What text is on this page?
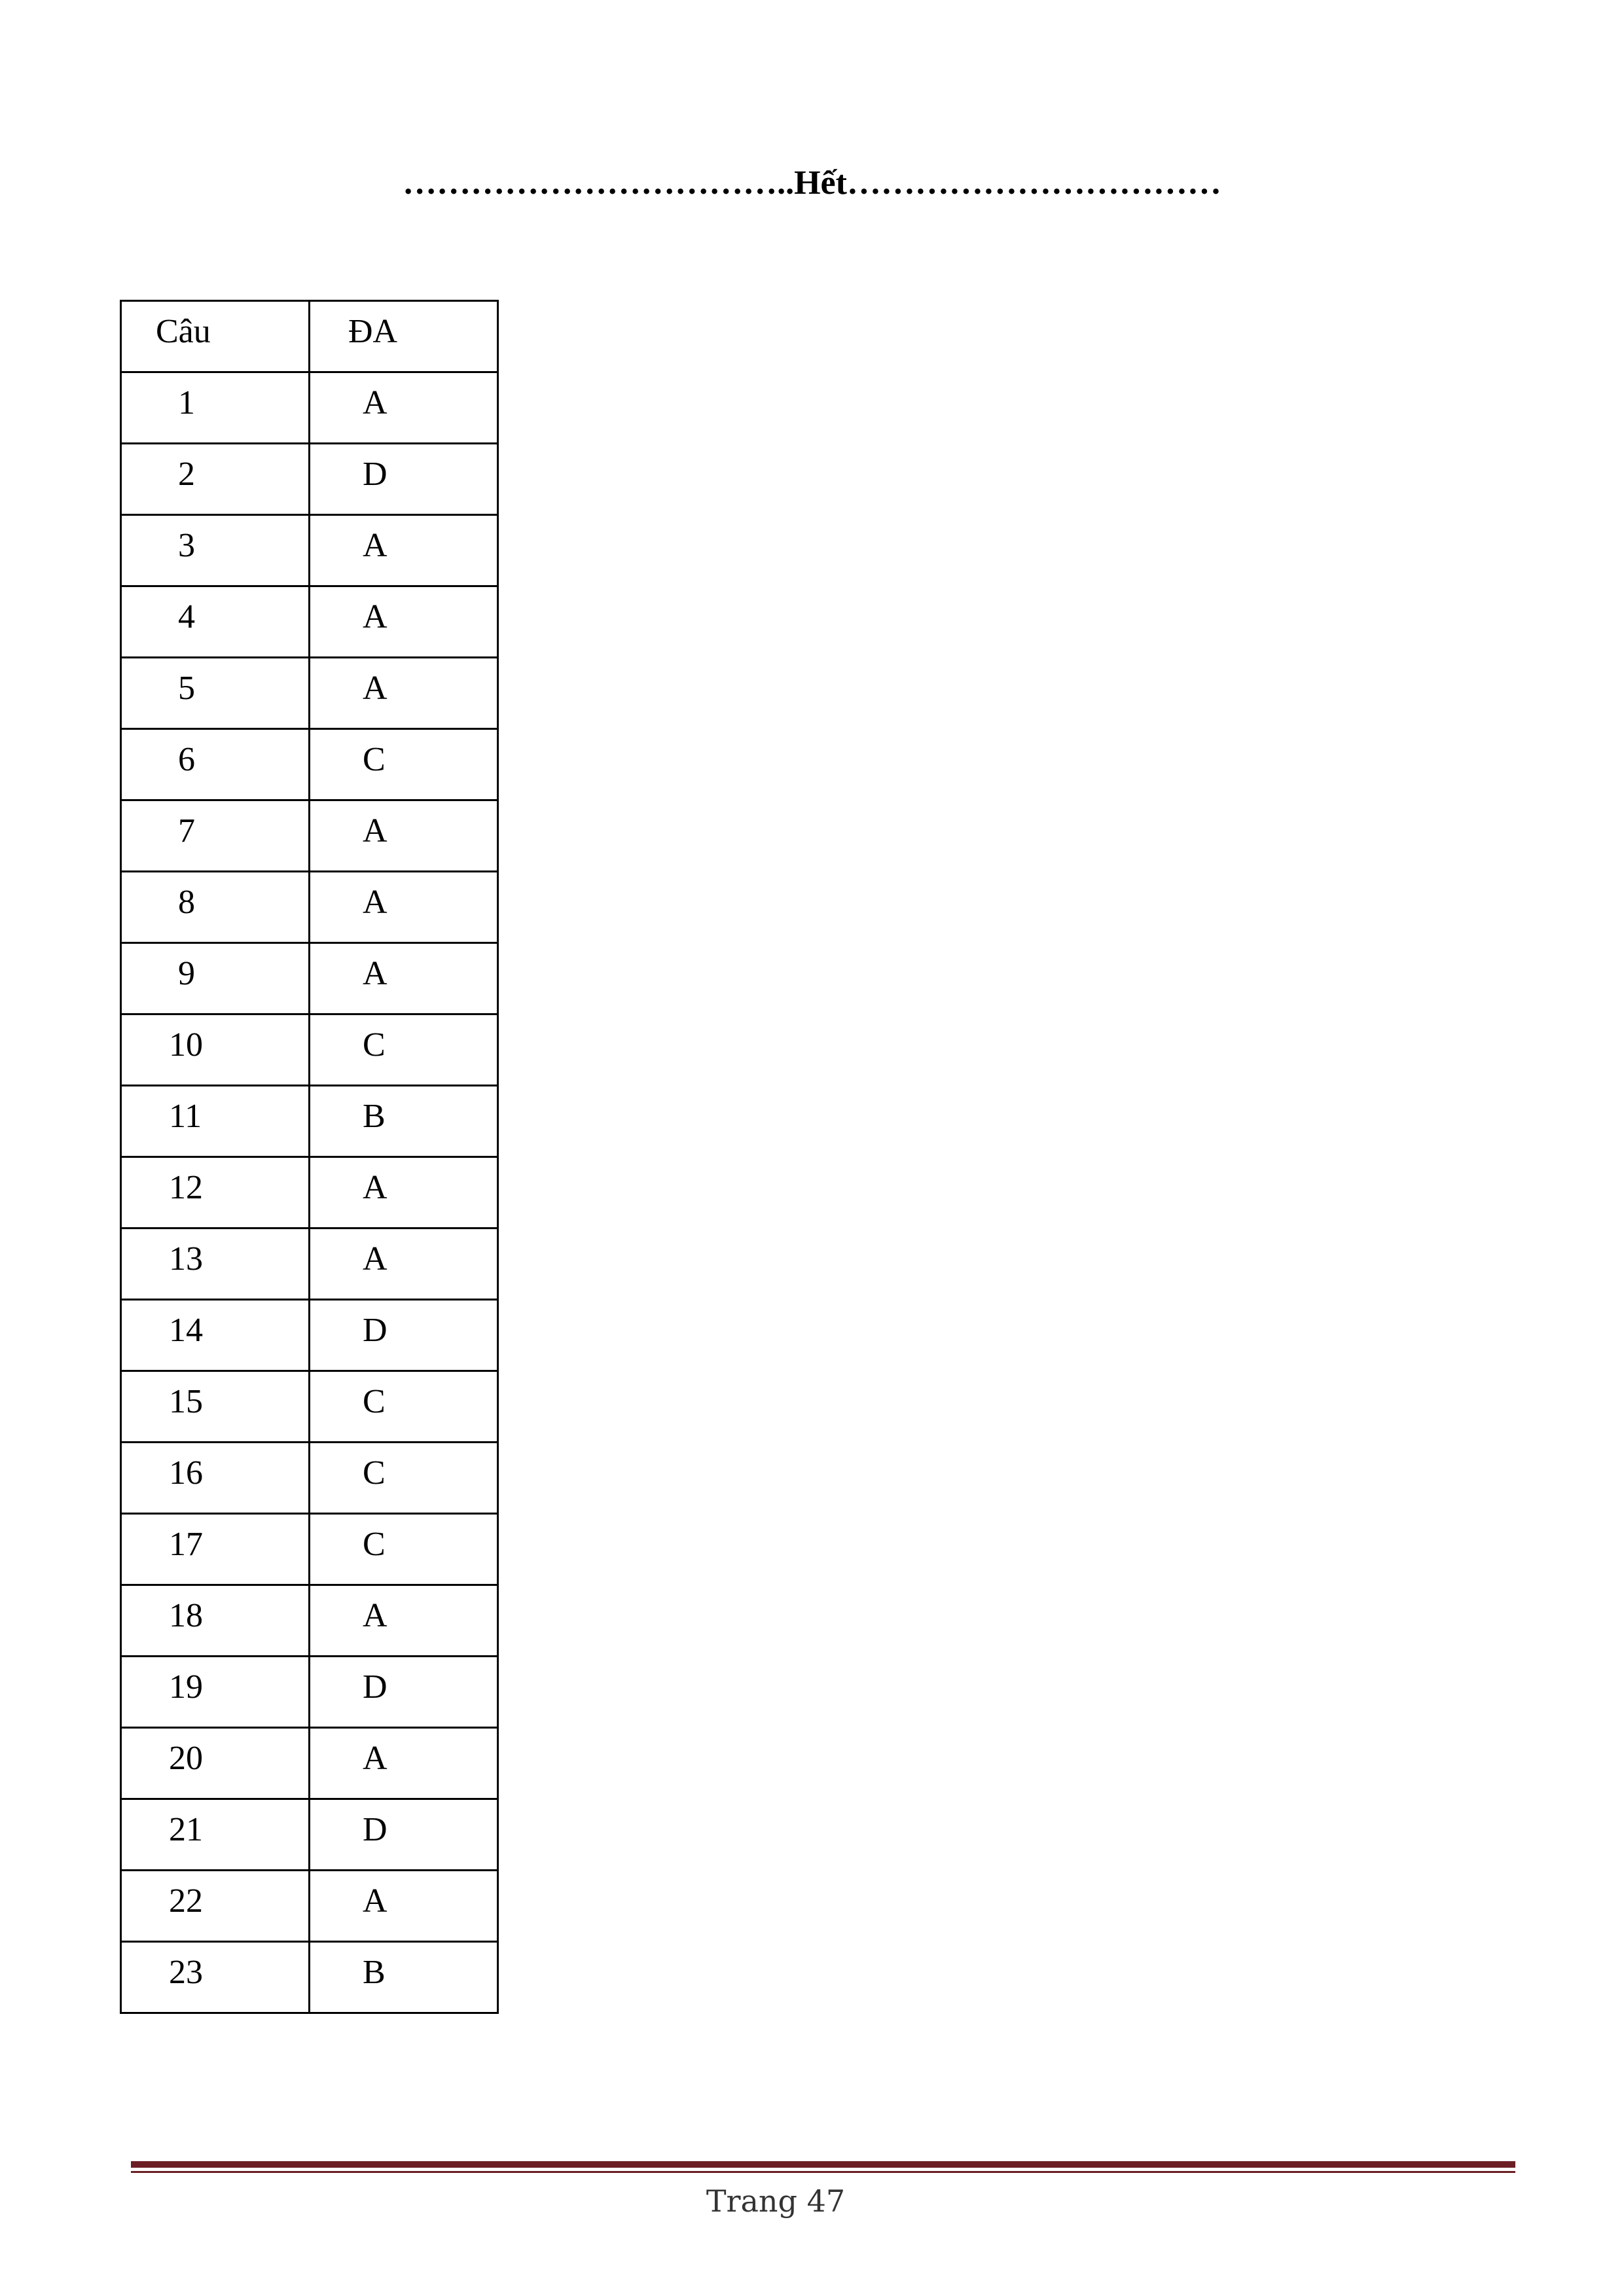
……………………………..Hết……………………………
Câu	ĐA

1	A

2	D

3	A

4	A

5	A

6	C

7	A

8	A

9	A

10	C

11	B

12	A

13	A

14	D

15	C

16	C

17	C

18	A

19	D

20	A

21	D

22	A

23	B
Trang 47
